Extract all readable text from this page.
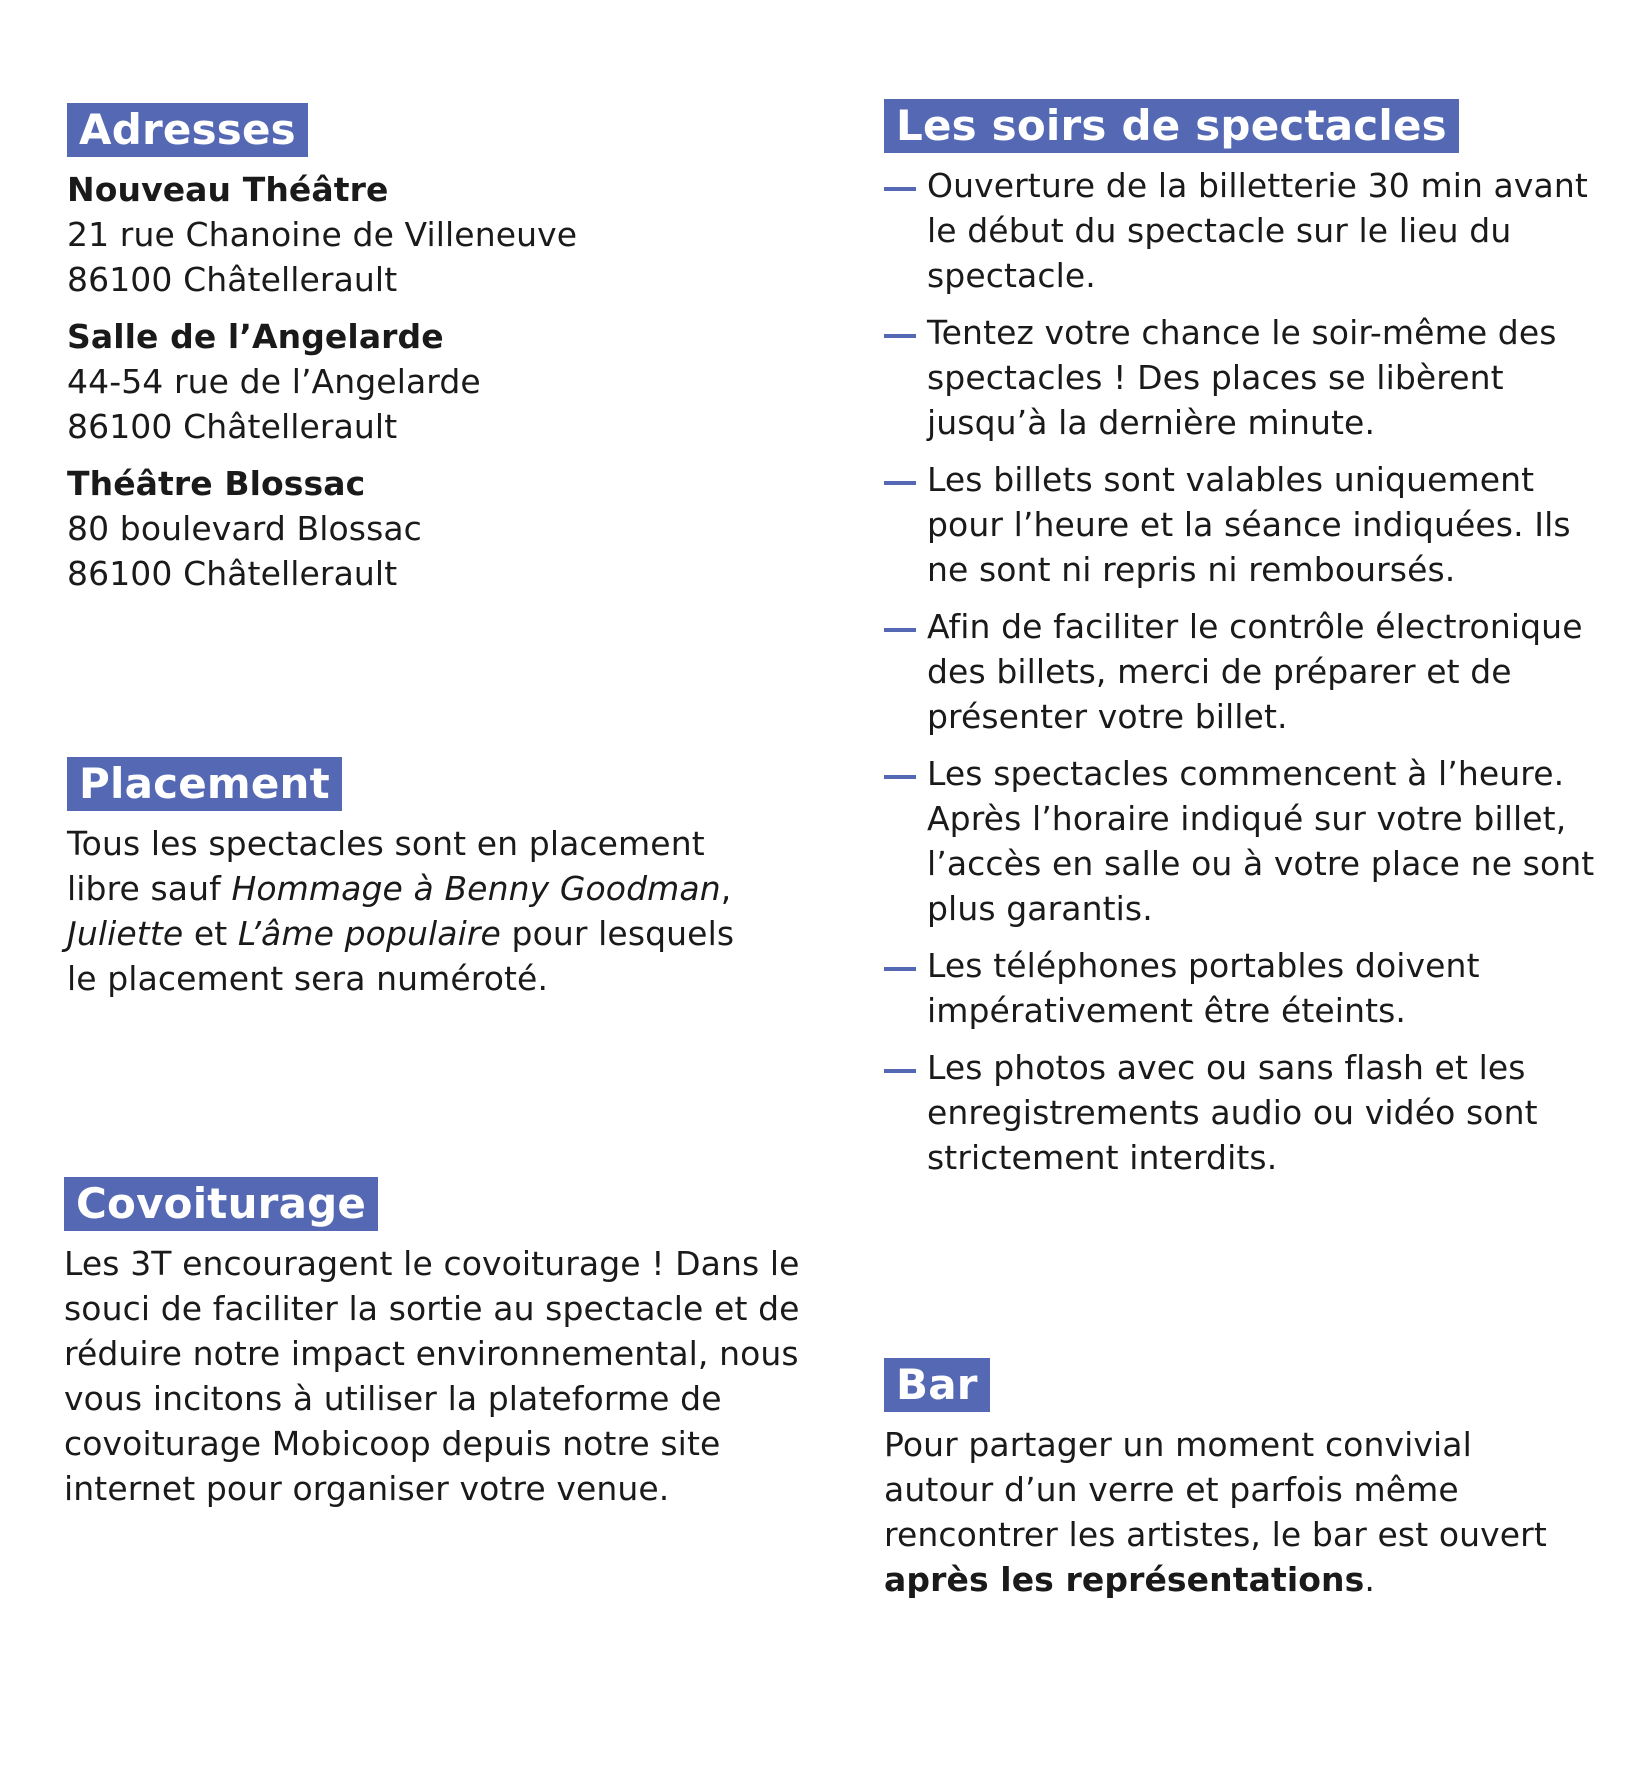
Adresses
Nouveau Théâtre
21 rue Chanoine de Villeneuve
86100 Châtellerault
Salle de l’Angelarde
44-54 rue de l’Angelarde
86100 Châtellerault
Théâtre Blossac
80 boulevard Blossac
86100 Châtellerault
Placement
Tous les spectacles sont en placement libre sauf Hommage à Benny Goodman, Juliette et L’âme populaire pour lesquels le placement sera numéroté.
Covoiturage
Les 3T encouragent le covoiturage ! Dans le souci de faciliter la sortie au spectacle et de réduire notre impact environnemental, nous vous incitons à utiliser la plateforme de covoiturage Mobicoop depuis notre site internet pour organiser votre venue.
Les soirs de spectacles
Ouverture de la billetterie 30 min avant le début du spectacle sur le lieu du spectacle.
Tentez votre chance le soir-même des spectacles ! Des places se libèrent jusqu’à la dernière minute.
Les billets sont valables uniquement pour l’heure et la séance indiquées. Ils ne sont ni repris ni remboursés.
Afin de faciliter le contrôle électronique des billets, merci de préparer et de présenter votre billet.
Les spectacles commencent à l’heure. Après l’horaire indiqué sur votre billet, l’accès en salle ou à votre place ne sont plus garantis.
Les téléphones portables doivent impérativement être éteints.
Les photos avec ou sans flash et les enregistrements audio ou vidéo sont strictement interdits.
Bar
Pour partager un moment convivial autour d’un verre et parfois même rencontrer les artistes, le bar est ouvert après les représentations.
